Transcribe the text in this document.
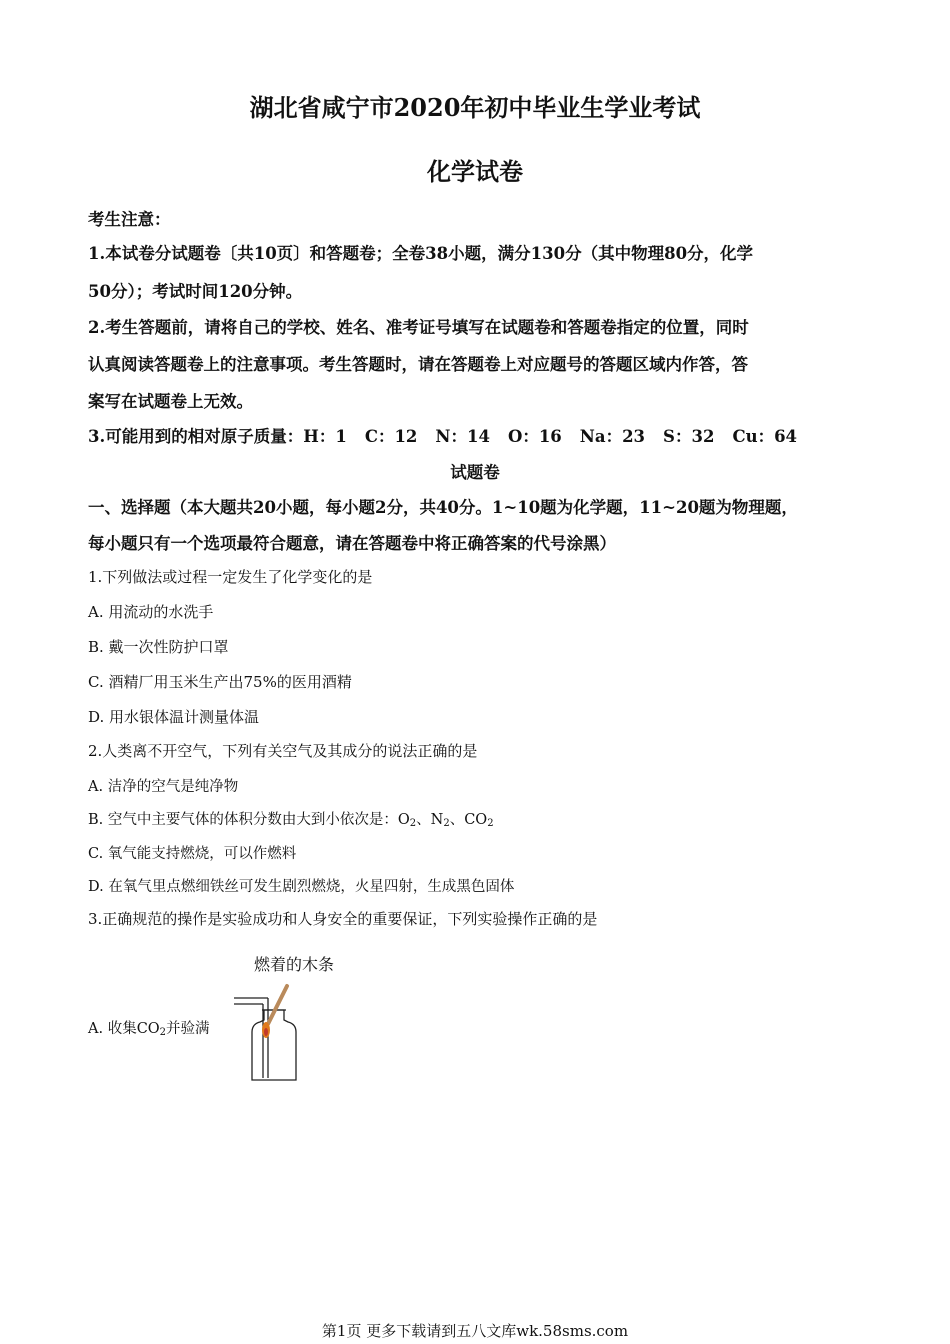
湖北省咸宁市2020年初中毕业生学业考试
化学试卷
考生注意：
1.本试卷分试题卷〔共10页〕和答题卷；全卷38小题，满分130分（其中物理80分，化学
50分）；考试时间120分钟。
2.考生答题前，请将自己的学校、姓名、准考证号填写在试题卷和答题卷指定的位置，同时
认真阅读答题卷上的注意事项。考生答题时，请在答题卷上对应题号的答题区域内作答，答
案写在试题卷上无效。
3.可能用到的相对原子质量：H：1 C：12 N：14 O：16 Na：23 S：32 Cu：64
试题卷
一、选择题（本大题共20小题，每小题2分，共40分。1~10题为化学题，11~20题为物理题，
每小题只有一个选项最符合题意，请在答题卷中将正确答案的代号涂黑）
1.下列做法或过程一定发生了化学变化的是
A. 用流动的水洗手
B. 戴一次性防护口罩
C. 酒精厂用玉米生产出75%的医用酒精
D. 用水银体温计测量体温
2.人类离不开空气，下列有关空气及其成分的说法正确的是
A. 洁净的空气是纯净物
B. 空气中主要气体的体积分数由大到小依次是：$O_2$、$N_2$、$CO_2$
C. 氧气能支持燃烧，可以作燃料
D. 在氧气里点燃细铁丝可发生剧烈燃烧，火星四射，生成黑色固体
3.正确规范的操作是实验成功和人身安全的重要保证，下列实验操作正确的是
燃着的木条
A. 收集$CO_2$并验满
第1页 更多下载请到五八文库wk.58sms.com
